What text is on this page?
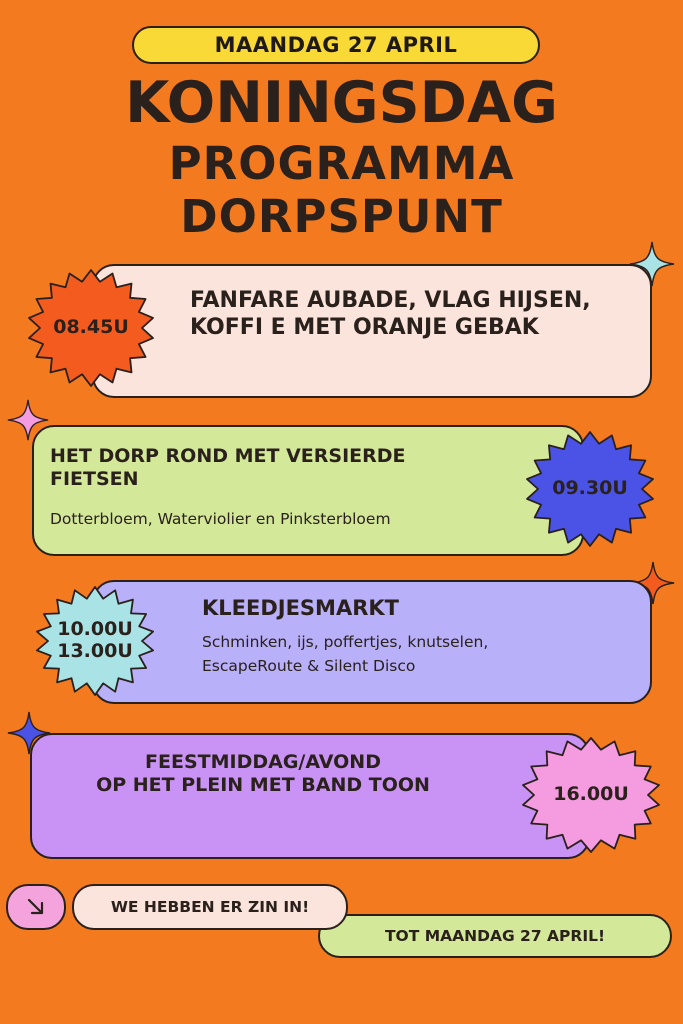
MAANDAG 27 APRIL
KONINGSDAG
PROGRAMMA
DORPSPUNT
FANFARE AUBADE, VLAG HIJSEN, KOFFI E MET ORANJE GEBAK
08.45U
HET DORP ROND MET VERSIERDE FIETSEN
Dotterbloem, Waterviolier en Pinksterbloem
09.30U
KLEEDJESMARKT
Schminken, ijs, poffertjes, knutselen,
EscapeRoute & Silent Disco
10.00U
13.00U
FEESTMIDDAG/AVOND
OP HET PLEIN MET BAND TOON	16.00U
TOT MAANDAG 27 APRIL!
WE HEBBEN ER ZIN IN!
